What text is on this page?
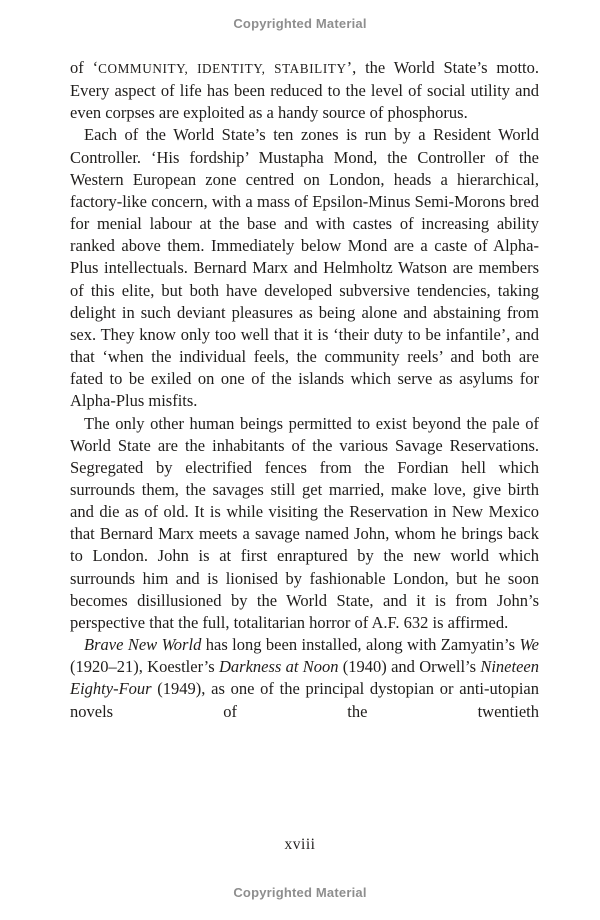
Copyrighted Material

of ‘COMMUNITY, IDENTITY, STABILITY’, the World State’s motto. Every aspect of life has been reduced to the level of social utility and even corpses are exploited as a handy source of phosphorus.

Each of the World State’s ten zones is run by a Resident World Controller. ‘His fordship’ Mustapha Mond, the Controller of the Western European zone centred on London, heads a hierarchical, factory-like concern, with a mass of Epsilon-Minus Semi-Morons bred for menial labour at the base and with castes of increasing ability ranked above them. Immediately below Mond are a caste of Alpha-Plus intellectuals. Bernard Marx and Helmholtz Watson are members of this elite, but both have developed subversive tendencies, taking delight in such deviant pleasures as being alone and abstaining from sex. They know only too well that it is ‘their duty to be infantile’, and that ‘when the individual feels, the community reels’ and both are fated to be exiled on one of the islands which serve as asylums for Alpha-Plus misfits.

The only other human beings permitted to exist beyond the pale of World State are the inhabitants of the various Savage Reservations. Segregated by electrified fences from the Fordian hell which surrounds them, the savages still get married, make love, give birth and die as of old. It is while visiting the Reservation in New Mexico that Bernard Marx meets a savage named John, whom he brings back to London. John is at first enraptured by the new world which surrounds him and is lionised by fashionable London, but he soon becomes disillusioned by the World State, and it is from John’s perspective that the full, totalitarian horror of A.F. 632 is affirmed.

Brave New World has long been installed, along with Zamyatin’s We (1920–21), Koestler’s Darkness at Noon (1940) and Orwell’s Nineteen Eighty-Four (1949), as one of the principal dystopian or anti-utopian novels of the twentieth

xviii
Copyrighted Material
